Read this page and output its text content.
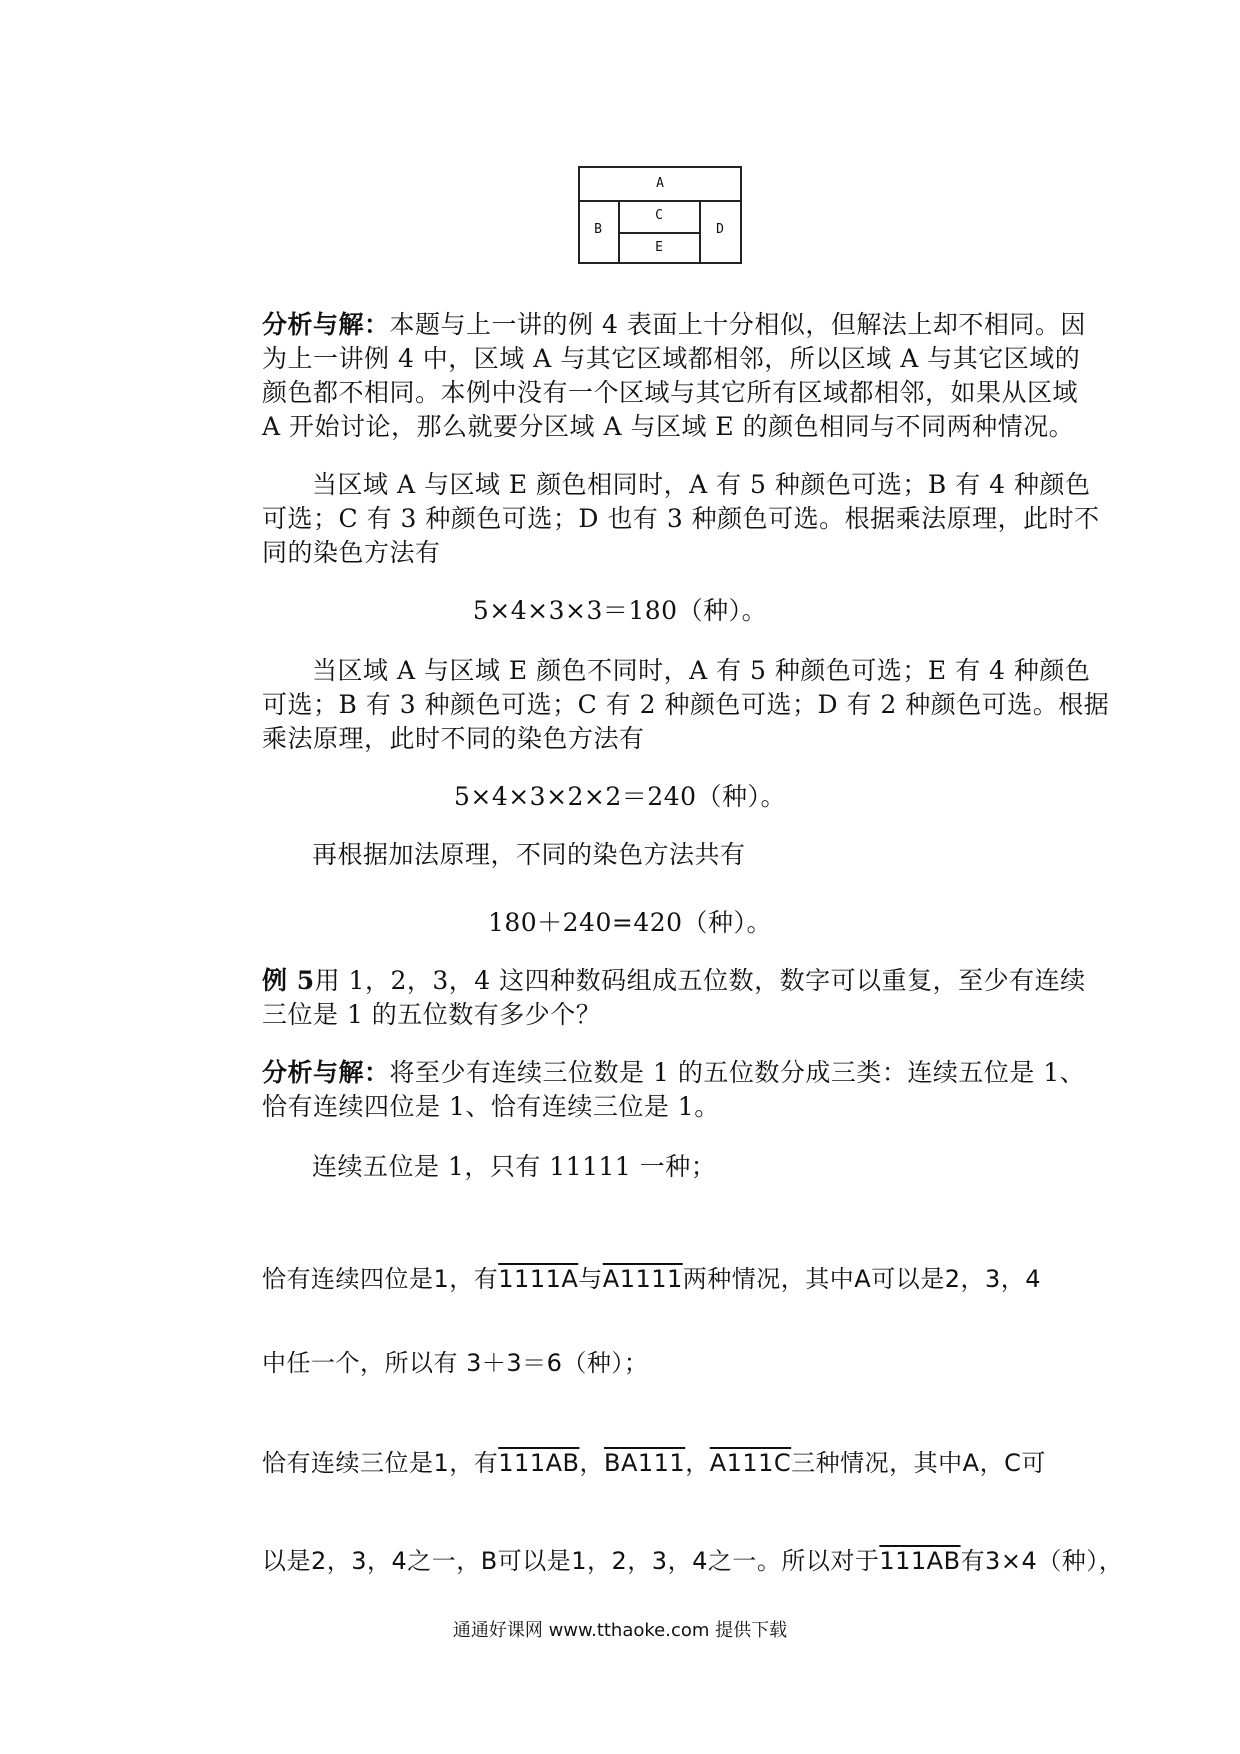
A
B
C
D
E
分析与解：本题与上一讲的例 4 表面上十分相似，但解法上却不相同。因
为上一讲例 4 中，区域 A 与其它区域都相邻，所以区域 A 与其它区域的
颜色都不相同。本例中没有一个区域与其它所有区域都相邻，如果从区域
A 开始讨论，那么就要分区域 A 与区域 E 的颜色相同与不同两种情况。
当区域 A 与区域 E 颜色相同时，A 有 5 种颜色可选；B 有 4 种颜色
可选；C 有 3 种颜色可选；D 也有 3 种颜色可选。根据乘法原理，此时不
同的染色方法有
5×4×3×3＝180（种）。
当区域 A 与区域 E 颜色不同时，A 有 5 种颜色可选；E 有 4 种颜色
可选；B 有 3 种颜色可选；C 有 2 种颜色可选；D 有 2 种颜色可选。根据
乘法原理，此时不同的染色方法有
5×4×3×2×2＝240（种）。
再根据加法原理，不同的染色方法共有
180＋240=420（种）。
例 5用 1，2，3，4 这四种数码组成五位数，数字可以重复，至少有连续
三位是 1 的五位数有多少个？
分析与解：将至少有连续三位数是 1 的五位数分成三类：连续五位是 1、
恰有连续四位是 1、恰有连续三位是 1。
连续五位是 1，只有 11111 一种；
恰有连续四位是1，有1111A与A1111两种情况，其中A可以是2，3，4
中任一个，所以有 3＋3＝6（种）；
恰有连续三位是1，有111AB，BA111，A111C三种情况，其中A，C可
以是2，3，4之一，B可以是1，2，3，4之一。所以对于111AB有3×4（种），
通通好课网 www.tthaoke.com 提供下载
